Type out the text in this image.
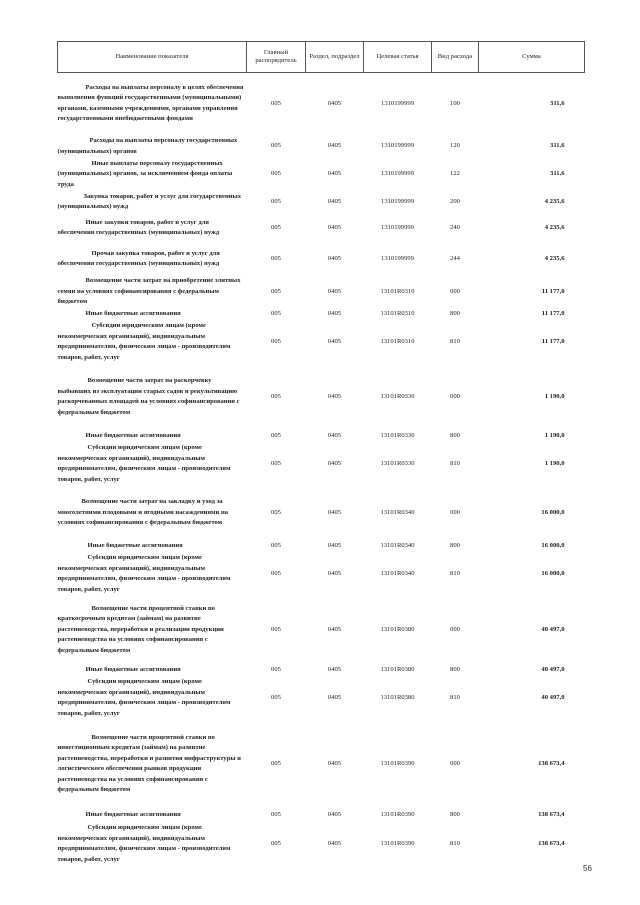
Наименование показателя	Главный распорядитель	Раздел, подраздел	Целевая статья	Вид расхода	Сумма
Расходы на выплаты персоналу в целях обеспечения выполнения функций государственными (муниципальными) органами, казенными учреждениями, органами управления государственными внебюджетными фондами	005	0405	1310199999	100	311,6
Расходы на выплаты персоналу государственных (муниципальных) органов	005	0405	1310199999	120	311,6
Иные выплаты персоналу государственных (муниципальных) органов, за исключением фонда оплаты труда	005	0405	1310199999	122	311,6
Закупка товаров, работ и услуг для государственных (муниципальных) нужд	005	0405	1310199999	200	4 235,6
Иные закупки товаров, работ и услуг для обеспечения государственных (муниципальных) нужд	005	0405	1310199999	240	4 235,6
Прочая закупка товаров, работ и услуг для обеспечения государственных (муниципальных) нужд	005	0405	1310199999	244	4 235,6
Возмещение части затрат на приобретение элитных семян на условиях софинансирования с федеральным бюджетом	005	0405	13101R0310	000	11 177,0
Иные бюджетные ассигнования	005	0405	13101R0310	800	11 177,0
Субсидии юридическим лицам (кроме некоммерческих организаций), индивидуальным предпринимателям, физическим лицам - производителям товаров, работ, услуг	005	0405	13101R0310	810	11 177,0
Возмещение части затрат на раскорчевку выбывших из эксплуатации старых садов и рекультивацию раскорчеванных площадей на условиях софинансирования с федеральным бюджетом	005	0405	13101R0330	000	1 190,0
Иные бюджетные ассигнования	005	0405	13101R0330	800	1 190,0
Субсидии юридическим лицам (кроме некоммерческих организаций), индивидуальным предпринимателям, физическим лицам - производителям товаров, работ, услуг	005	0405	13101R0330	810	1 190,0
Возмещение части затрат на закладку и уход за многолетними плодовыми и ягодными насаждениями на условиях софинансирования с федеральным бюджетом	005	0405	13101R0340	000	16 000,0
Иные бюджетные ассигнования	005	0405	13101R0340	800	16 000,0
Субсидии юридическим лицам (кроме некоммерческих организаций), индивидуальным предпринимателям, физическим лицам - производителям товаров, работ, услуг	005	0405	13101R0340	810	16 000,0
Возмещение части процентной ставки по краткосрочным кредитам (займам) на развитие растениеводства, переработки и реализации продукции растениеводства на условиях софинансирования с федеральным бюджетом	005	0405	13101R0380	000	40 497,0
Иные бюджетные ассигнования	005	0405	13101R0380	800	40 497,0
Субсидии юридическим лицам (кроме некоммерческих организаций), индивидуальным предпринимателям, физическим лицам - производителям товаров, работ, услуг	005	0405	13101R0380	810	40 497,0
Возмещение части процентной ставки по инвестиционным кредитам (займам) на развитие растениеводства, переработки и развития инфраструктуры и логистического обеспечения рынков продукции растениеводства на условиях софинансирования с федеральным бюджетом	005	0405	13101R0390	000	138 673,4
Иные бюджетные ассигнования	005	0405	13101R0390	800	138 673,4
Субсидии юридическим лицам (кроме некоммерческих организаций), индивидуальным предпринимателям, физическим лицам - производителям товаров, работ, услуг	005	0405	13101R0390	810	138 673,4
56
